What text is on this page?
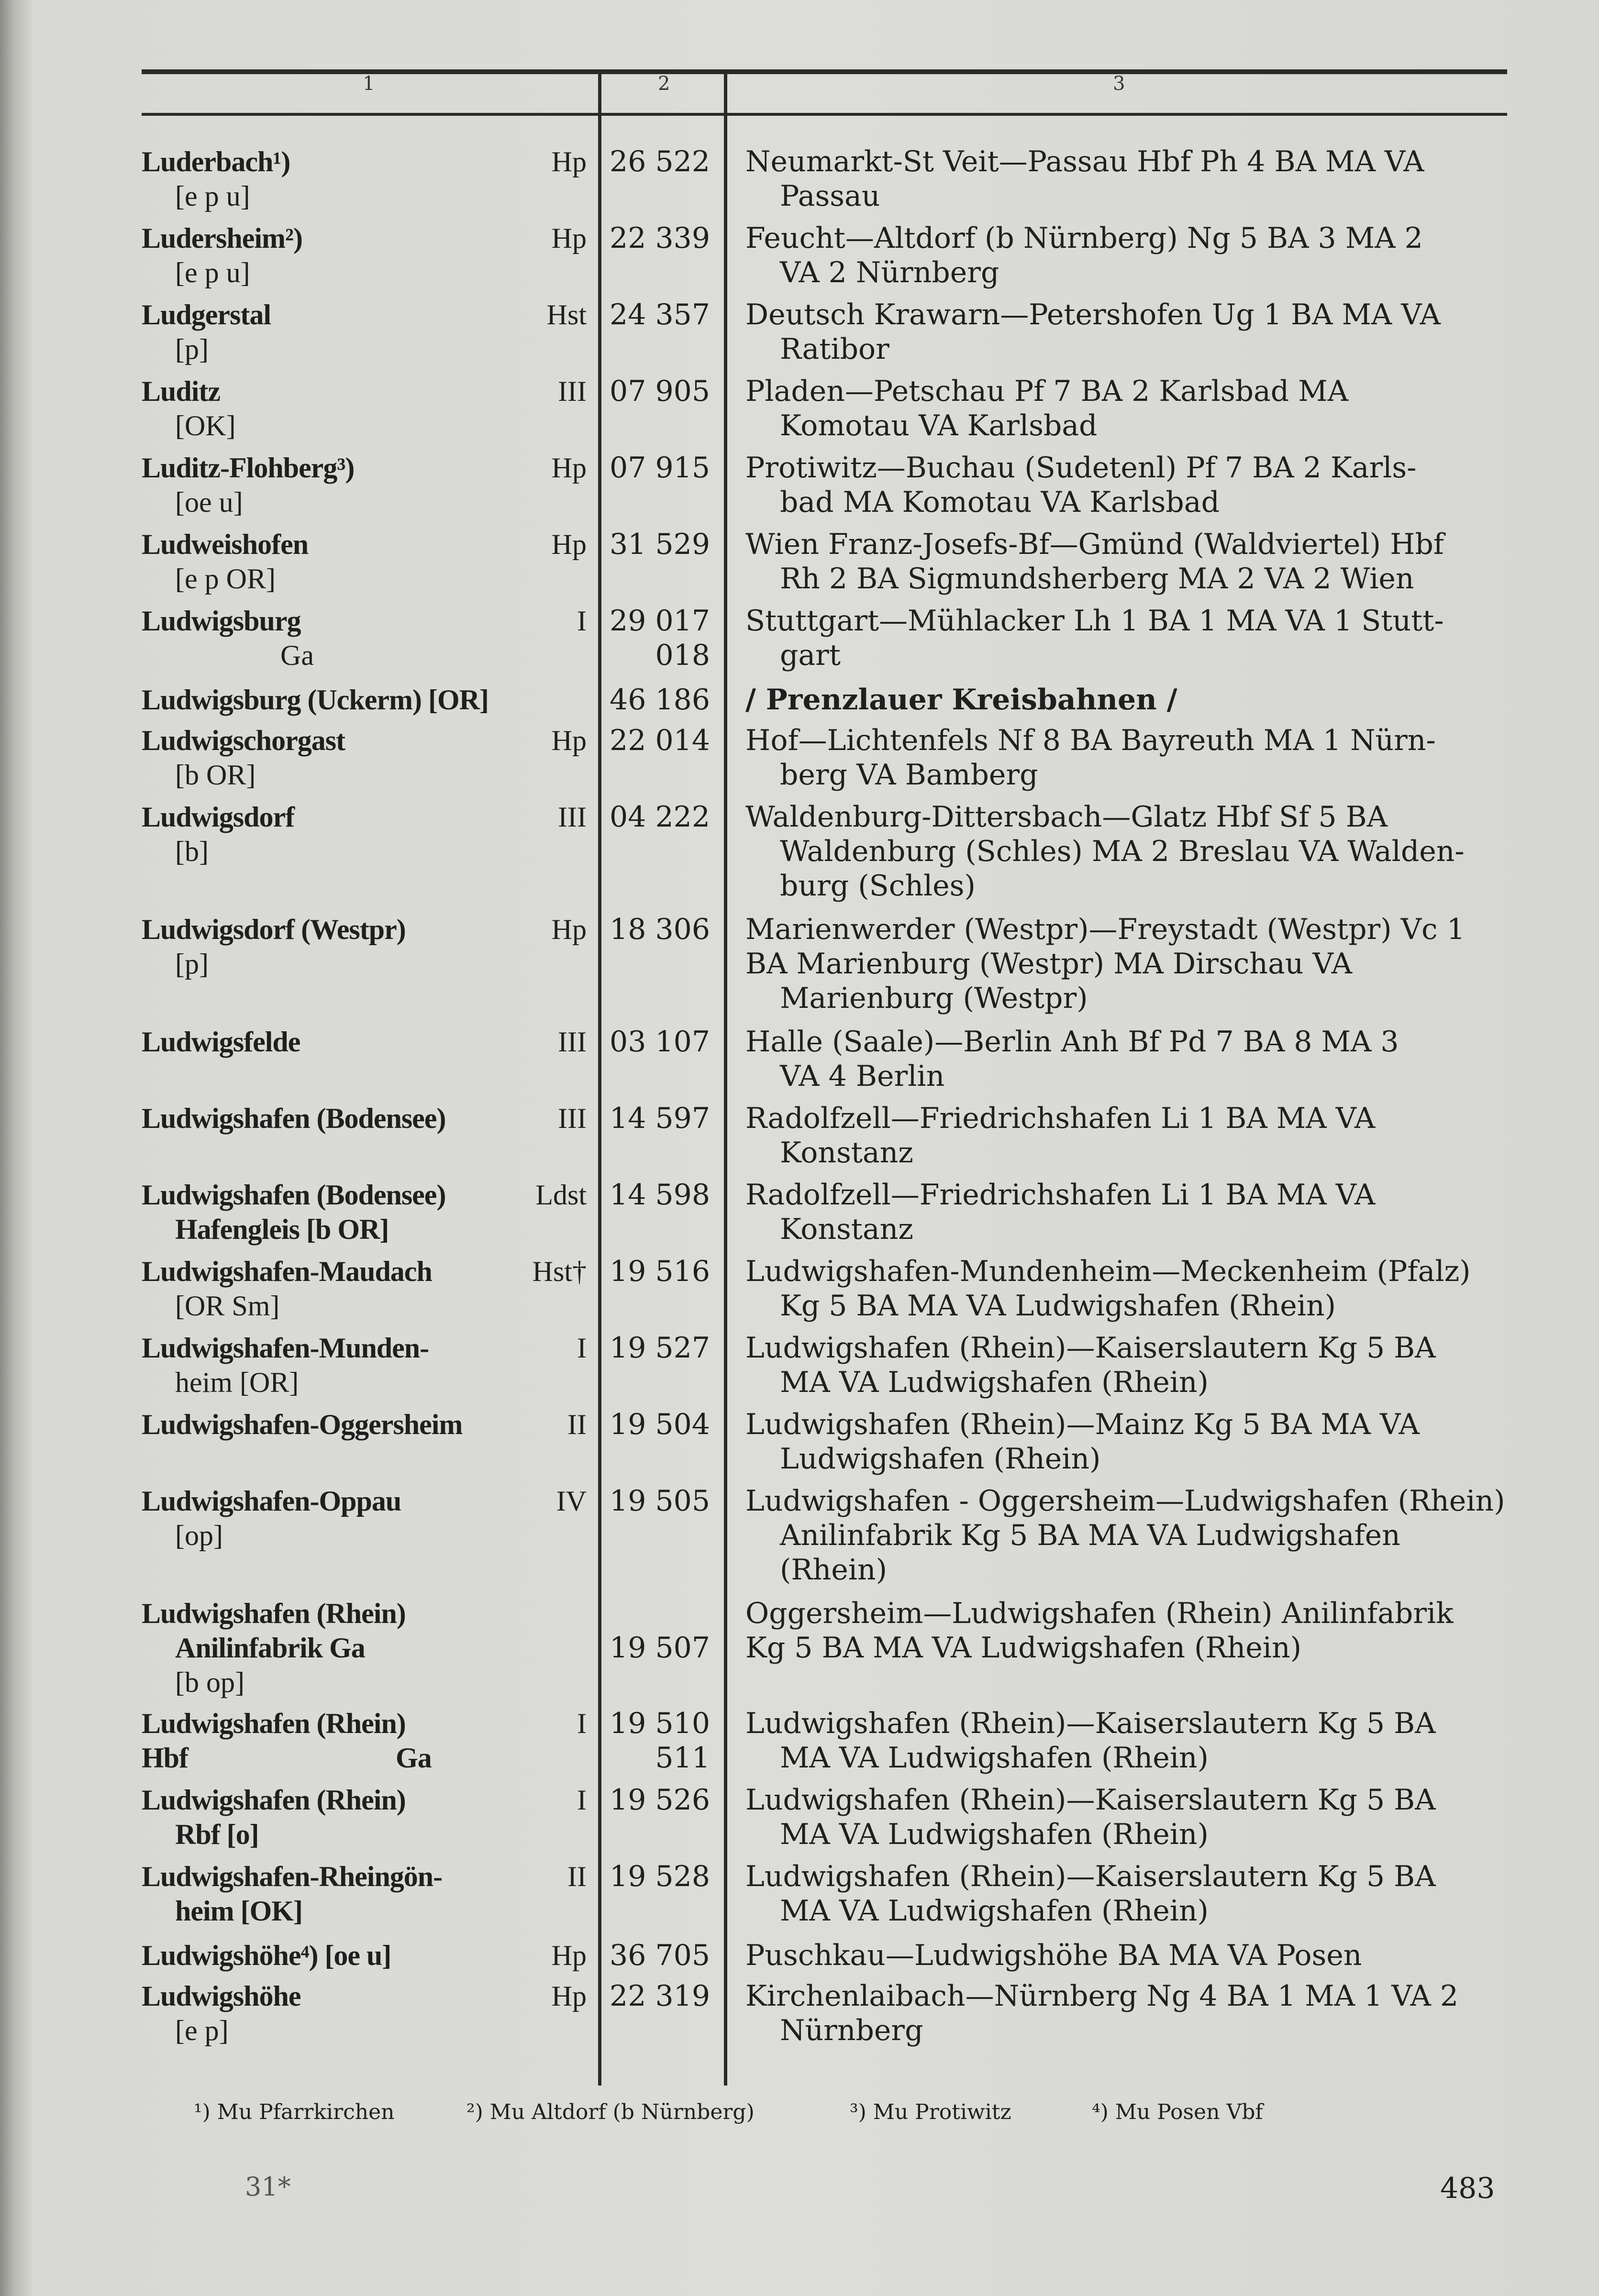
1	2	3
Luderbach¹)	Hp
[e p u]
26 522 Neumarkt-St Veit—Passau Hbf Ph 4 BA MA VA
Passau
Ludersheim²)	Hp
[e p u]
22 339 Feucht—Altdorf (b Nürnberg) Ng 5 BA 3 MA 2
VA 2 Nürnberg
Ludgerstal	Hst
[p]
24 357 Deutsch Krawarn—Petershofen Ug 1 BA MA VA
Ratibor
Luditz	III
[OK]
07 905 Pladen—Petschau Pf 7 BA 2 Karlsbad MA
Komotau VA Karlsbad
Luditz-Flohberg³)	Hp
[oe u]
07 915 Protiwitz—Buchau (Sudetenl) Pf 7 BA 2 Karls-
bad MA Komotau VA Karlsbad
Ludweishofen	Hp
[e p OR]
31 529 Wien Franz-Josefs-Bf—Gmünd (Waldviertel) Hbf
Rh 2 BA Sigmundsherberg MA 2 VA 2 Wien
Ludwigsburg	I
Ga
29 017
018
Stuttgart—Mühlacker Lh 1 BA 1 MA VA 1 Stutt-
gart
Ludwigsburg (Uckerm) [OR]	46 186 / Prenzlauer Kreisbahnen /
Ludwigschorgast	Hp
[b OR]
22 014 Hof—Lichtenfels Nf 8 BA Bayreuth MA 1 Nürn-
berg VA Bamberg
Ludwigsdorf	III
[b]
04 222 Waldenburg-Dittersbach—Glatz Hbf Sf 5 BA
Waldenburg (Schles) MA 2 Breslau VA Walden-
burg (Schles)
Ludwigsdorf (Westpr)	Hp
[p]
18 306 Marienwerder (Westpr)—Freystadt (Westpr) Vc 1
BA Marienburg (Westpr) MA Dirschau VA
Marienburg (Westpr)
Ludwigsfelde	III 03 107 Halle (Saale)—Berlin Anh Bf Pd 7 BA 8 MA 3
VA 4 Berlin
Ludwigshafen (Bodensee)	III 14 597 Radolfzell—Friedrichshafen Li 1 BA MA VA
Konstanz
Ludwigshafen (Bodensee)	Ldst
Hafengleis [b OR]
14 598 Radolfzell—Friedrichshafen Li 1 BA MA VA
Konstanz
Ludwigshafen-Maudach	Hst†
[OR Sm]
19 516 Ludwigshafen-Mundenheim—Meckenheim (Pfalz)
Kg 5 BA MA VA Ludwigshafen (Rhein)
Ludwigshafen-Munden-	I
heim [OR]
19 527 Ludwigshafen (Rhein)—Kaiserslautern Kg 5 BA
MA VA Ludwigshafen (Rhein)
Ludwigshafen-Oggersheim	II 19 504 Ludwigshafen (Rhein)—Mainz Kg 5 BA MA VA
Ludwigshafen (Rhein)
Ludwigshafen-Oppau	IV
[op]
19 505 Ludwigshafen - Oggersheim—Ludwigshafen (Rhein)
Anilinfabrik Kg 5 BA MA VA Ludwigshafen
(Rhein)
Ludwigshafen (Rhein)
Anilinfabrik Ga
[b op]
19 507
Oggersheim—Ludwigshafen (Rhein) Anilinfabrik
Kg 5 BA MA VA Ludwigshafen (Rhein)
Ludwigshafen (Rhein)	I
Hbf Ga
19 510
511
Ludwigshafen (Rhein)—Kaiserslautern Kg 5 BA
MA VA Ludwigshafen (Rhein)
Ludwigshafen (Rhein)	I
Rbf [o]
19 526 Ludwigshafen (Rhein)—Kaiserslautern Kg 5 BA
MA VA Ludwigshafen (Rhein)
Ludwigshafen-Rheingön-	II
heim [OK]
19 528 Ludwigshafen (Rhein)—Kaiserslautern Kg 5 BA
MA VA Ludwigshafen (Rhein)
Ludwigshöhe⁴) [oe u]	Hp 36 705 Puschkau—Ludwigshöhe BA MA VA Posen
Ludwigshöhe	Hp
[e p]
22 319 Kirchenlaibach—Nürnberg Ng 4 BA 1 MA 1 VA 2
Nürnberg
¹) Mu Pfarrkirchen	²) Mu Altdorf (b Nürnberg)	³) Mu Protiwitz	⁴) Mu Posen Vbf
31*	483
